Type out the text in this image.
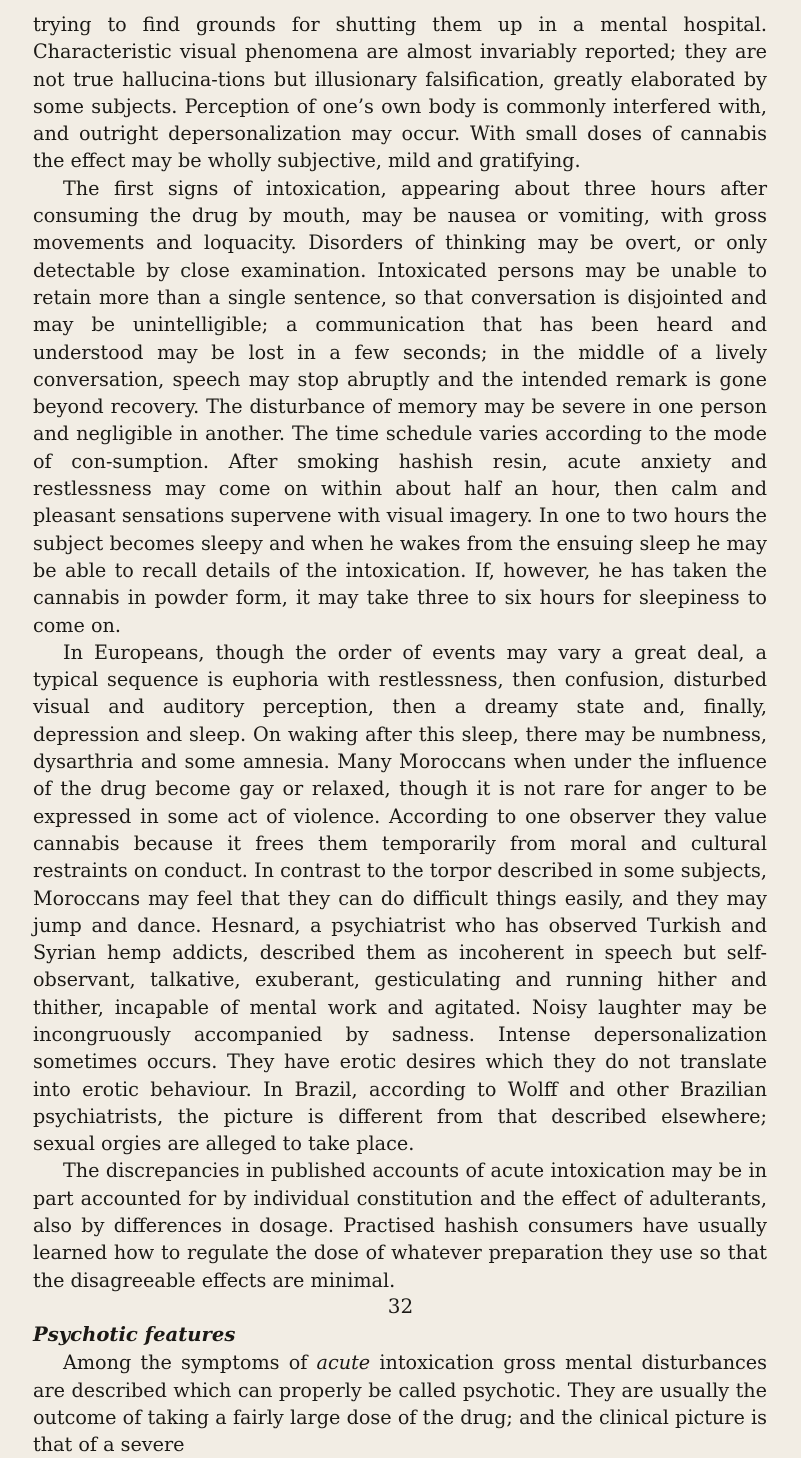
trying to find grounds for shutting them up in a mental hospital. Characteristic visual phenomena are almost invariably reported; they are not true hallucina-tions but illusionary falsification, greatly elaborated by some subjects. Perception of one’s own body is commonly interfered with, and outright depersonalization may occur. With small doses of cannabis the effect may be wholly subjective, mild and gratifying.

The first signs of intoxication, appearing about three hours after consuming the drug by mouth, may be nausea or vomiting, with gross movements and loquacity. Disorders of thinking may be overt, or only detectable by close examination. Intoxicated persons may be unable to retain more than a single sentence, so that conversation is disjointed and may be unintelligible; a communication that has been heard and understood may be lost in a few seconds; in the middle of a lively conversation, speech may stop abruptly and the intended remark is gone beyond recovery. The disturbance of memory may be severe in one person and negligible in another. The time schedule varies according to the mode of con-sumption. After smoking hashish resin, acute anxiety and restlessness may come on within about half an hour, then calm and pleasant sensations supervene with visual imagery. In one to two hours the subject becomes sleepy and when he wakes from the ensuing sleep he may be able to recall details of the intoxication. If, however, he has taken the cannabis in powder form, it may take three to six hours for sleepiness to come on.

In Europeans, though the order of events may vary a great deal, a typical sequence is euphoria with restlessness, then confusion, disturbed visual and auditory perception, then a dreamy state and, finally, depression and sleep. On waking after this sleep, there may be numbness, dysarthria and some amnesia. Many Moroccans when under the influence of the drug become gay or relaxed, though it is not rare for anger to be expressed in some act of violence. According to one observer they value cannabis because it frees them temporarily from moral and cultural restraints on conduct. In contrast to the torpor described in some subjects, Moroccans may feel that they can do difficult things easily, and they may jump and dance. Hesnard, a psychiatrist who has observed Turkish and Syrian hemp addicts, described them as incoherent in speech but self-observant, talkative, exuberant, gesticulating and running hither and thither, incapable of mental work and agitated. Noisy laughter may be incongruously accompanied by sadness. Intense depersonalization sometimes occurs. They have erotic desires which they do not translate into erotic behaviour. In Brazil, according to Wolff and other Brazilian psychiatrists, the picture is different from that described elsewhere; sexual orgies are alleged to take place.

The discrepancies in published accounts of acute intoxication may be in part accounted for by individual constitution and the effect of adulterants, also by differences in dosage. Practised hashish consumers have usually learned how to regulate the dose of whatever preparation they use so that the disagreeable effects are minimal.

Psychotic features

Among the symptoms of acute intoxication gross mental disturbances are described which can properly be called psychotic. They are usually the outcome of taking a fairly large dose of the drug; and the clinical picture is that of a severe

32
